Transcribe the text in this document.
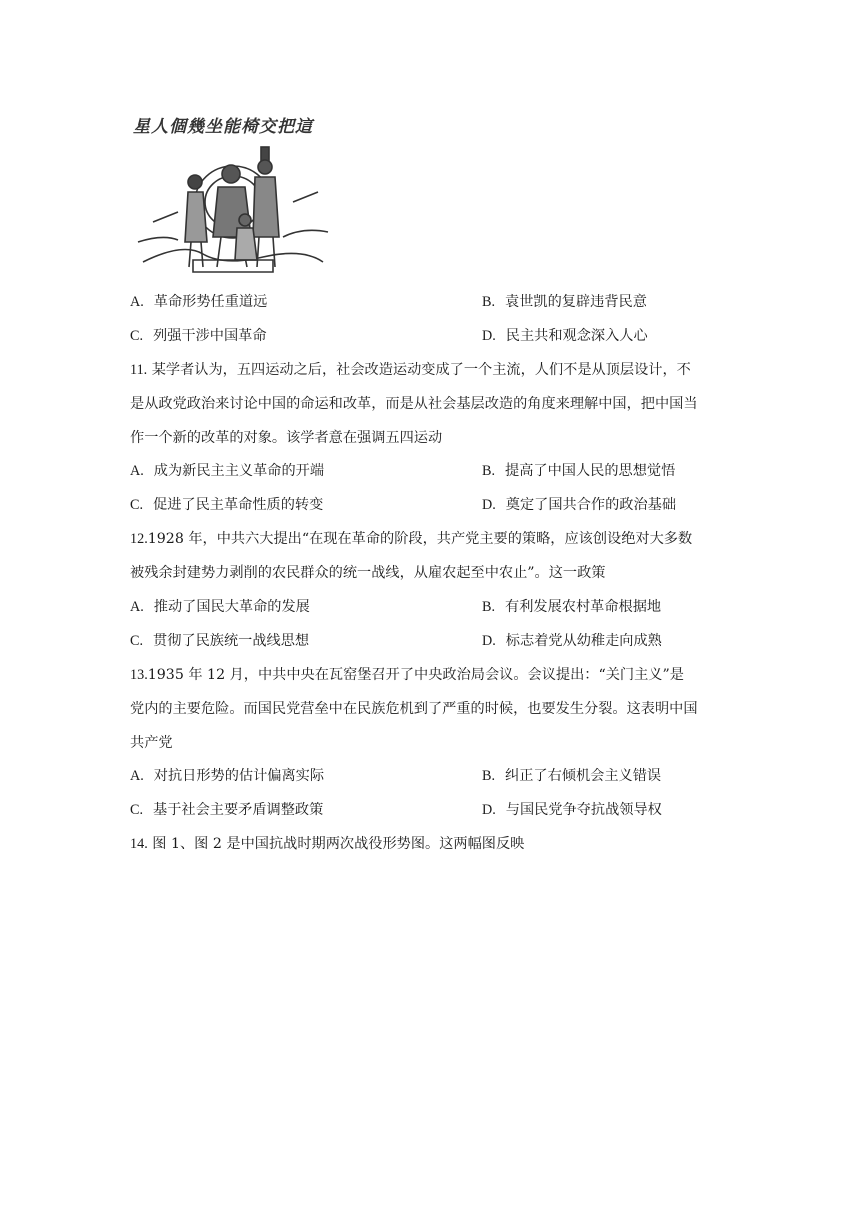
星人個幾坐能椅交把這
A. 革命形势任重道远	B. 袁世凯的复辟违背民意
C. 列强干涉中国革命	D. 民主共和观念深入人心
11. 某学者认为，五四运动之后，社会改造运动变成了一个主流，人们不是从顶层设计，不
是从政党政治来讨论中国的命运和改革，而是从社会基层改造的角度来理解中国，把中国当
作一个新的改革的对象。该学者意在强调五四运动
A. 成为新民主主义革命的开端	B. 提高了中国人民的思想觉悟
C. 促进了民主革命性质的转变	D. 奠定了国共合作的政治基础
12.1928 年，中共六大提出“在现在革命的阶段，共产党主要的策略，应该创设绝对大多数
被残余封建势力剥削的农民群众的统一战线，从雇农起至中农止”。这一政策
A. 推动了国民大革命的发展	B. 有利发展农村革命根据地
C. 贯彻了民族统一战线思想	D. 标志着党从幼稚走向成熟
13.1935 年 12 月，中共中央在瓦窑堡召开了中央政治局会议。会议提出：“关门主义”是
党内的主要危险。而国民党营垒中在民族危机到了严重的时候，也要发生分裂。这表明中国
共产党
A. 对抗日形势的估计偏离实际	B. 纠正了右倾机会主义错误
C. 基于社会主要矛盾调整政策	D. 与国民党争夺抗战领导权
14. 图 1、图 2 是中国抗战时期两次战役形势图。这两幅图反映
